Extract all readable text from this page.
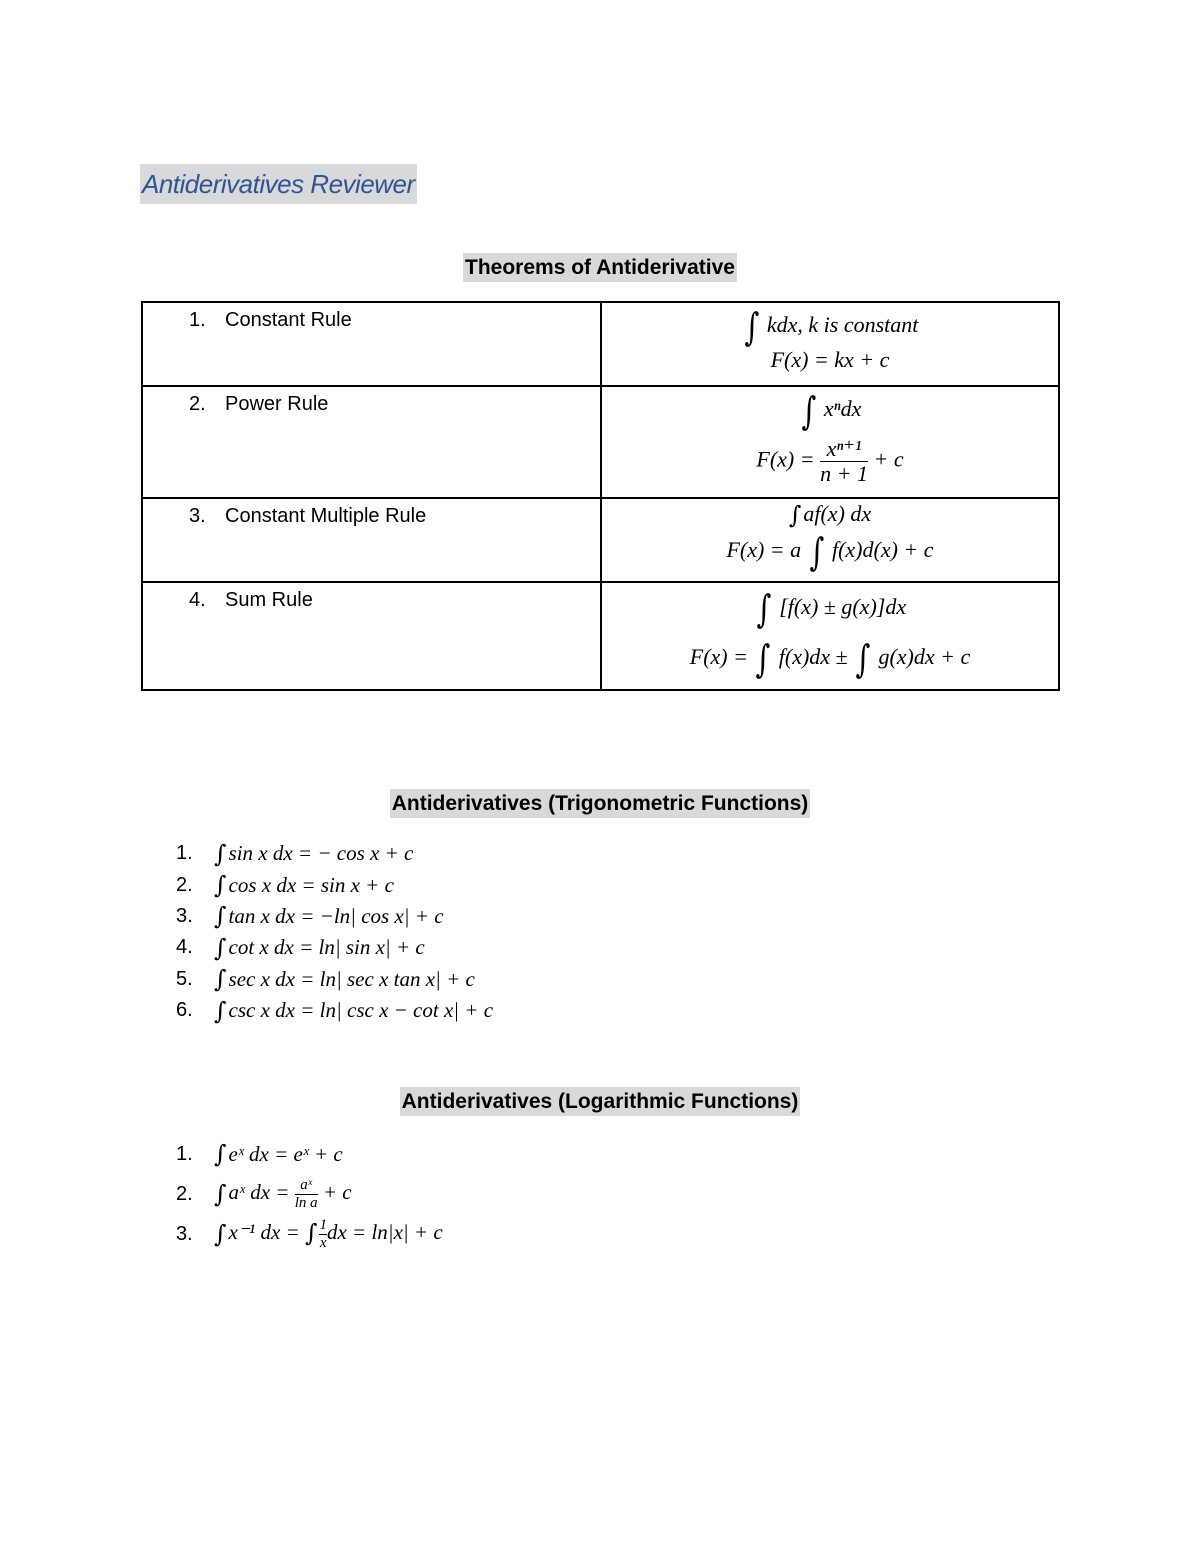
Antiderivatives Reviewer
Theorems of Antiderivative
1. Constant Rule	∫ kdx, k is constant
F(x) = kx + c

2. Power Rule	∫ xⁿdx
$F(x) = \frac{\text{xⁿ⁺¹}}{n + 1} + c$

3. Constant Multiple Rule	∫af(x) dx
F(x) = a ∫ f(x)d(x) + c

4. Sum Rule	∫ [f(x) ± g(x)]dx
F(x) = ∫ f(x)dx ± ∫ g(x)dx + c
Antiderivatives (Trigonometric Functions)
1. ∫ sin x dx = − cos x + c
2. ∫ cos x dx = sin x + c
3. ∫ tan x dx = −ln| cos x| + c
4. ∫ cot x dx = ln| sin x| + c
5. ∫ sec x dx = ln| sec x tan x| + c
6. ∫ csc x dx = ln| csc x − cot x| + c
Antiderivatives (Logarithmic Functions)
1. ∫ eˣ dx = eˣ + c
2. ∫ aˣ dx = $\frac{\text{aˣ}}{\text{ln a}} + c$
3. ∫ x⁻¹ dx = ∫ $\frac{1}{x}$ dx = ln|x| + c
